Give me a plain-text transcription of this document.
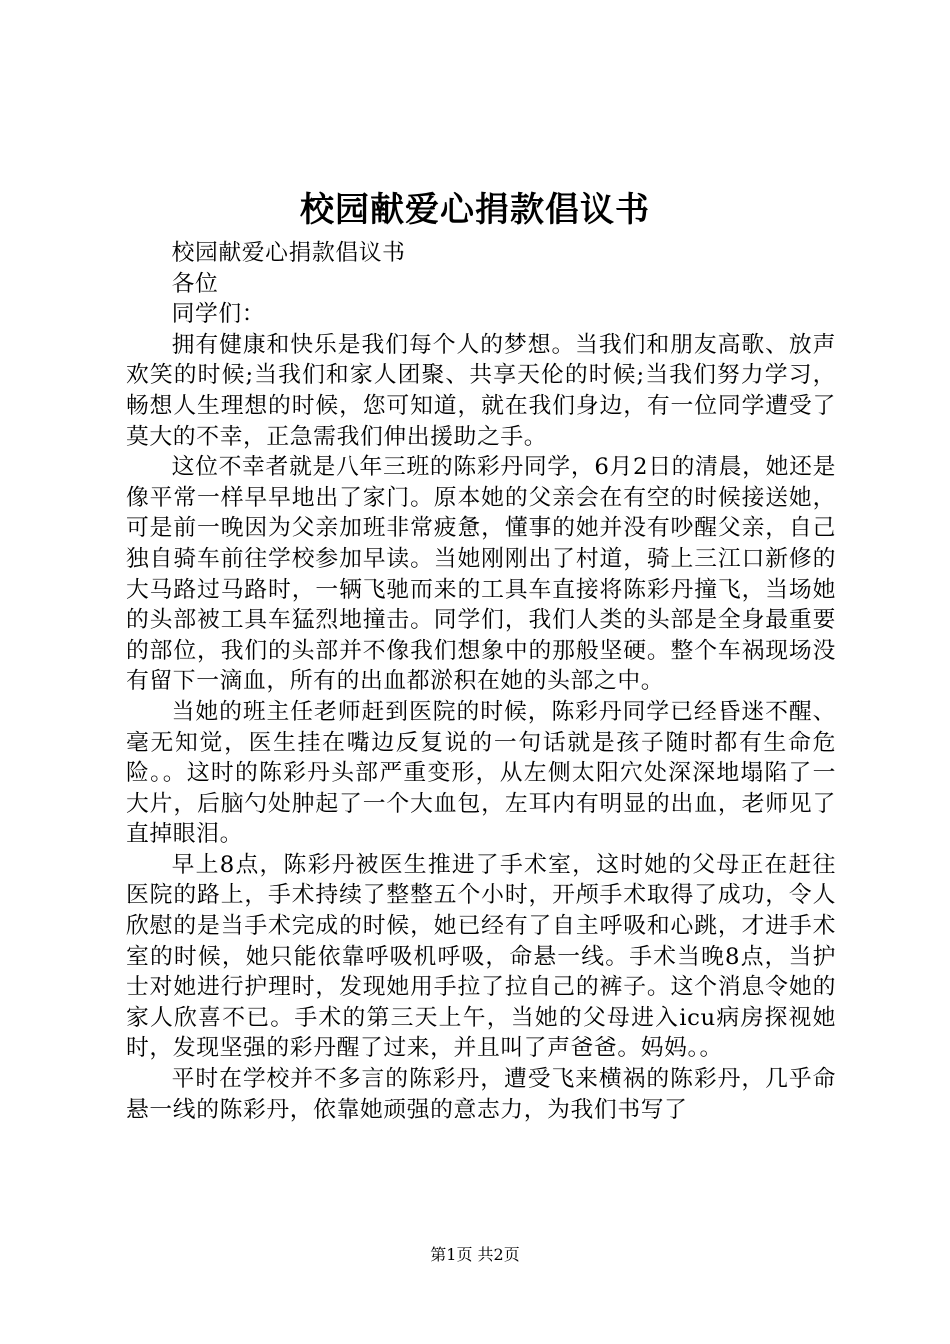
校园献爱心捐款倡议书

校园献爱心捐款倡议书

各位

同学们：

拥有健康和快乐是我们每个人的梦想。当我们和朋友高歌、放声欢笑的时候;当我们和家人团聚、共享天伦的时候;当我们努力学习，畅想人生理想的时候，您可知道，就在我们身边，有一位同学遭受了莫大的不幸，正急需我们伸出援助之手。

这位不幸者就是八年三班的陈彩丹同学，6月2日的清晨，她还是像平常一样早早地出了家门。原本她的父亲会在有空的时候接送她，可是前一晚因为父亲加班非常疲惫，懂事的她并没有吵醒父亲，自己独自骑车前往学校参加早读。当她刚刚出了村道，骑上三江口新修的大马路过马路时，一辆飞驰而来的工具车直接将陈彩丹撞飞，当场她的头部被工具车猛烈地撞击。同学们，我们人类的头部是全身最重要的部位，我们的头部并不像我们想象中的那般坚硬。整个车祸现场没有留下一滴血，所有的出血都淤积在她的头部之中。

当她的班主任老师赶到医院的时候，陈彩丹同学已经昏迷不醒、毫无知觉，医生挂在嘴边反复说的一句话就是孩子随时都有生命危险。。这时的陈彩丹头部严重变形，从左侧太阳穴处深深地塌陷了一大片，后脑勺处肿起了一个大血包，左耳内有明显的出血，老师见了直掉眼泪。

早上8点，陈彩丹被医生推进了手术室，这时她的父母正在赶往医院的路上，手术持续了整整五个小时，开颅手术取得了成功，令人欣慰的是当手术完成的时候，她已经有了自主呼吸和心跳，才进手术室的时候，她只能依靠呼吸机呼吸，命悬一线。手术当晚8点，当护士对她进行护理时，发现她用手拉了拉自己的裤子。这个消息令她的家人欣喜不已。手术的第三天上午，当她的父母进入icu病房探视她时，发现坚强的彩丹醒了过来，并且叫了声爸爸。妈妈。。

平时在学校并不多言的陈彩丹，遭受飞来横祸的陈彩丹，几乎命悬一线的陈彩丹，依靠她顽强的意志力，为我们书写了

第1页 共2页
